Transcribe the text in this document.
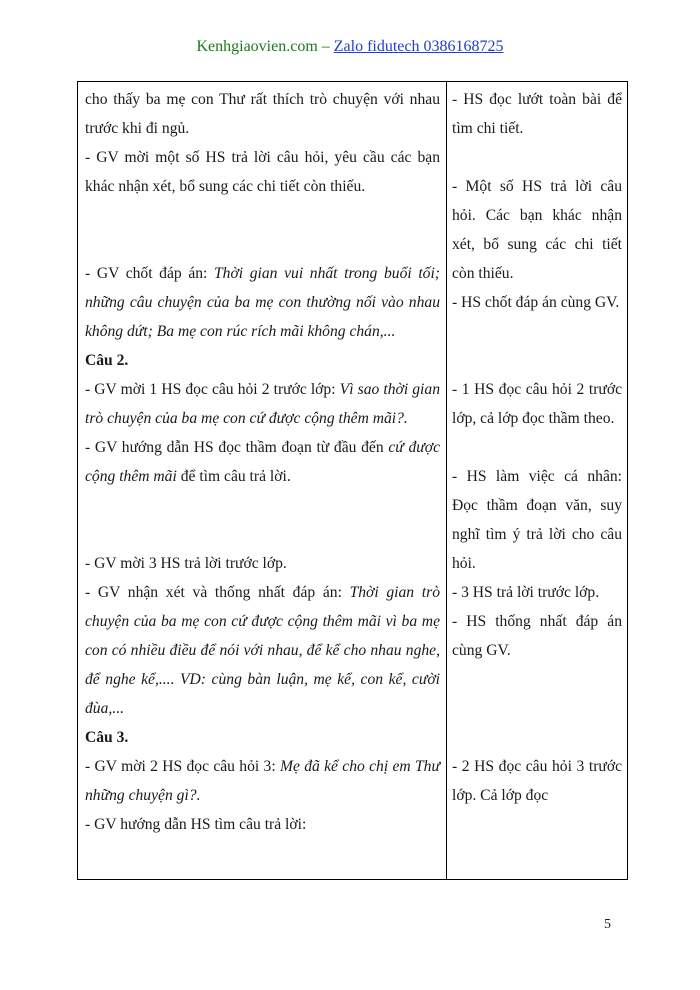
Kenhgiaovien.com – Zalo fidutech 0386168725

cho thấy ba mẹ con Thư rất thích trò chuyện với nhau trước khi đi ngủ.

- GV mời một số HS trả lời câu hỏi, yêu cầu các bạn khác nhận xét, bổ sung các chi tiết còn thiếu.

- GV chốt đáp án: Thời gian vui nhất trong buổi tối; những câu chuyện của ba mẹ con thường nối vào nhau không dứt; Ba mẹ con rúc rích mãi không chán,...

Câu 2.

- GV mời 1 HS đọc câu hỏi 2 trước lớp: Vì sao thời gian trò chuyện của ba mẹ con cứ được cộng thêm mãi?.

- GV hướng dẫn HS đọc thầm đoạn từ đầu đến cứ được cộng thêm mãi để tìm câu trả lời.

- GV mời 3 HS trả lời trước lớp.

- GV nhận xét và thống nhất đáp án: Thời gian trò chuyện của ba mẹ con cứ được cộng thêm mãi vì ba mẹ con có nhiều điều để nói với nhau, để kể cho nhau nghe, để nghe kể,.... VD: cùng bàn luận, mẹ kể, con kể, cười đùa,...

Câu 3.

- GV mời 2 HS đọc câu hỏi 3: Mẹ đã kể cho chị em Thư những chuyện gì?.

- GV hướng dẫn HS tìm câu trả lời:

- HS đọc lướt toàn bài để tìm chi tiết.

- Một số HS trả lời câu hỏi. Các bạn khác nhận xét, bổ sung các chi tiết còn thiếu.

- HS chốt đáp án cùng GV.

- 1 HS đọc câu hỏi 2 trước lớp, cả lớp đọc thầm theo.

- HS làm việc cá nhân: Đọc thầm đoạn văn, suy nghĩ tìm ý trả lời cho câu hỏi.

- 3 HS trả lời trước lớp.

- HS thống nhất đáp án cùng GV.

- 2 HS đọc câu hỏi 3 trước lớp. Cả lớp đọc

5
